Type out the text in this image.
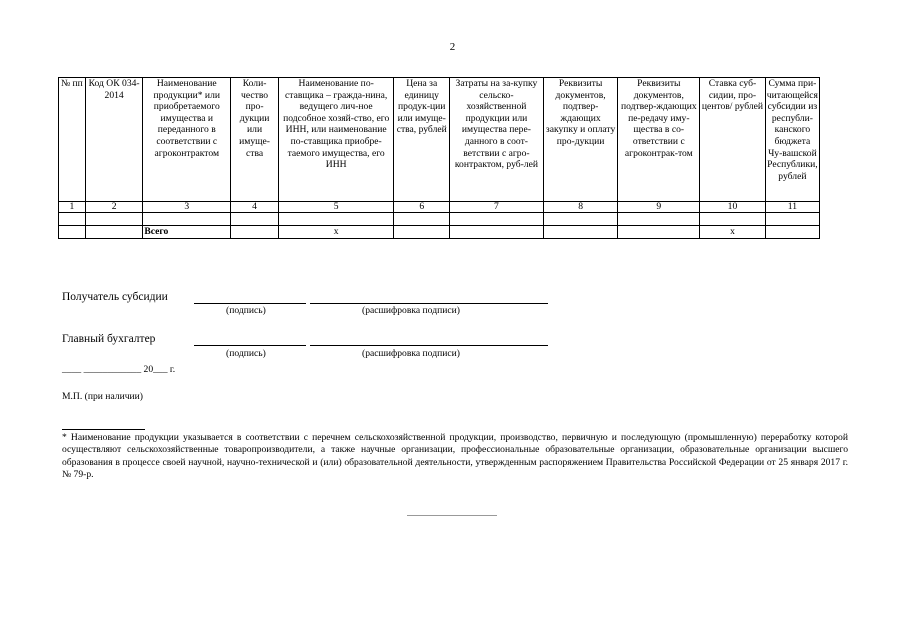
2
№ пп	Код ОК 034-2014	Наименование продукции* или приобретаемого имущества и переданного в соответствии с агроконтрактом	Коли-чество про-дукции или имуще-ства	Наименование по-ставщика – гражда-нина, ведущего лич-ное подсобное хозяй-ство, его ИНН, или наименование по-ставщика приобре-таемого имущества, его ИНН	Цена за единицу продук-ции или имуще-ства, рублей	Затраты на за-купку сельско-хозяйственной продукции или имущества пере-данного в соот-ветствии с агро-контрактом, руб-лей	Реквизиты документов, подтвер-ждающих закупку и оплату про-дукции	Реквизиты документов, подтвер-ждающих пе-редачу иму-щества в со-ответствии с агроконтрак-том	Ставка суб-сидии, про-центов/ рублей	Сумма при-читающейся субсидии из республи-канского бюджета Чу-вашской Республики, рублей
1	2	3	4	5	6	7	8	9	10	11

		Всего		х					х	
Получатель субсидии
(подпись)	(расшифровка подписи)
Главный бухгалтер
(подпись)	(расшифровка подписи)
____ ____________ 20___ г.
М.П. (при наличии)
* Наименование продукции указывается в соответствии с перечнем сельскохозяйственной продукции, производство, первичную и последующую (промышленную) переработку которой осуществляют сельскохозяйственные товаропроизводители, а также научные организации, профессиональные образовательные организации, образовательные организации высшего образования в процессе своей научной, научно-технической и (или) образовательной деятельности, утвержденным распоряжением Правительства Российской Федерации от 25 января 2017 г. № 79-р.
